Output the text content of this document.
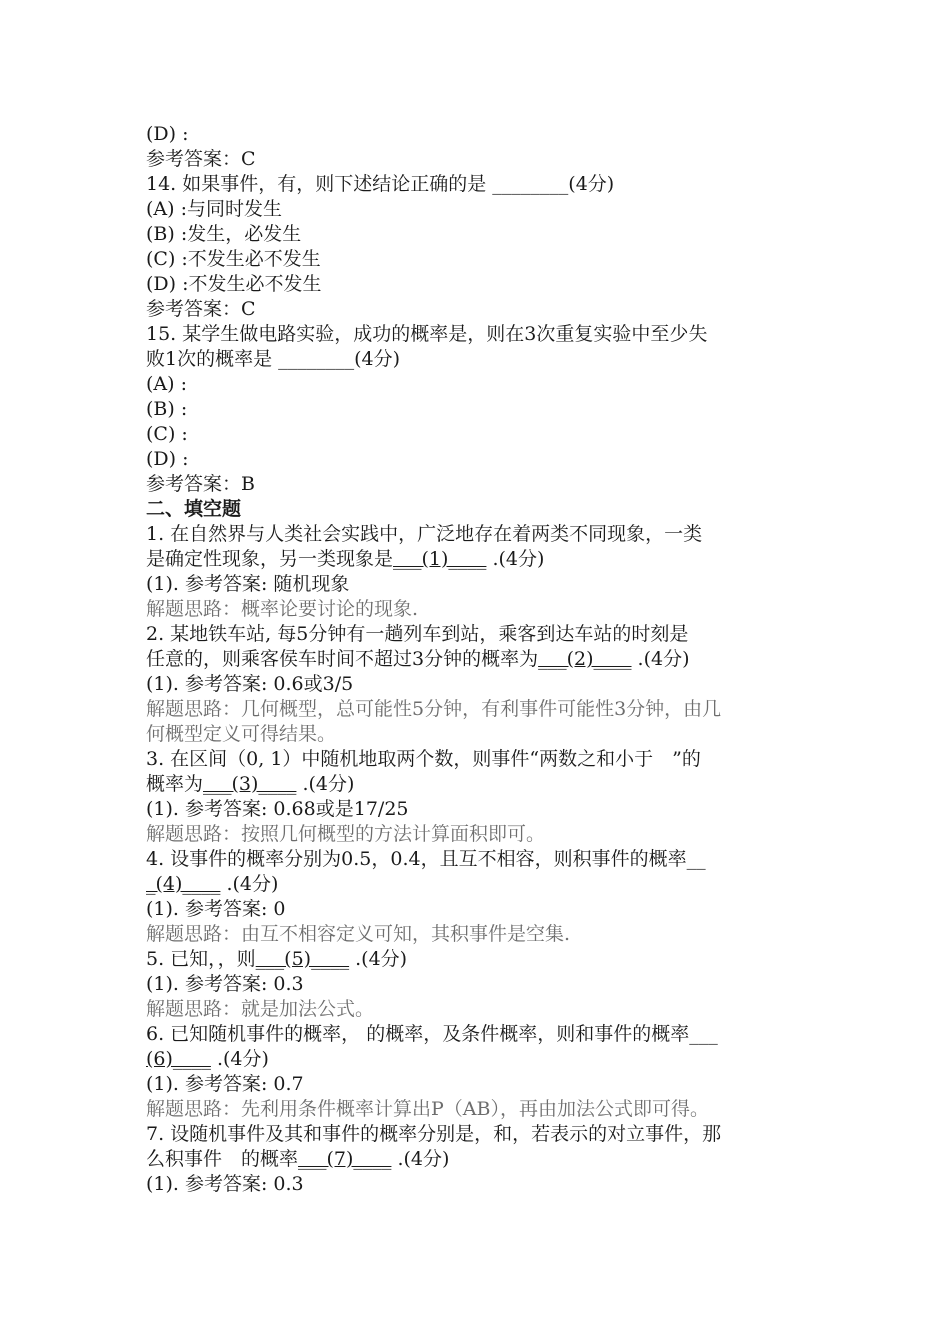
(D) :
参考答案：C
14. 如果事件，有，则下述结论正确的是 ________(4分)
(A) :与同时发生
(B) :发生，必发生
(C) :不发生必不发生
(D) :不发生必不发生
参考答案：C
15. 某学生做电路实验，成功的概率是，则在3次重复实验中至少失
败1次的概率是 ________(4分)
(A) :
(B) :
(C) :
(D) :
参考答案：B
二、填空题
1. 在自然界与人类社会实践中，广泛地存在着两类不同现象，一类
是确定性现象，另一类现象是___(1)____ .(4分)
(1). 参考答案: 随机现象
解题思路：概率论要讨论的现象.
2. 某地铁车站, 每5分钟有一趟列车到站，乘客到达车站的时刻是
任意的，则乘客侯车时间不超过3分钟的概率为___(2)____ .(4分)
(1). 参考答案: 0.6或3/5
解题思路：几何概型，总可能性5分钟，有利事件可能性3分钟，由几
何概型定义可得结果。
3. 在区间（0, 1）中随机地取两个数，则事件“两数之和小于　”的
概率为___(3)____ .(4分)
(1). 参考答案: 0.68或是17/25
解题思路：按照几何概型的方法计算面积即可。
4. 设事件的概率分别为0.5，0.4，且互不相容，则积事件的概率__
_(4)____ .(4分)
(1). 参考答案: 0
解题思路：由互不相容定义可知，其积事件是空集.
5. 已知，，则___(5)____ .(4分)
(1). 参考答案: 0.3
解题思路：就是加法公式。
6. 已知随机事件的概率， 的概率，及条件概率，则和事件的概率___
(6)____ .(4分)
(1). 参考答案: 0.7
解题思路：先利用条件概率计算出P（AB），再由加法公式即可得。
7. 设随机事件及其和事件的概率分别是，和，若表示的对立事件，那
么积事件　的概率___(7)____ .(4分)
(1). 参考答案: 0.3
